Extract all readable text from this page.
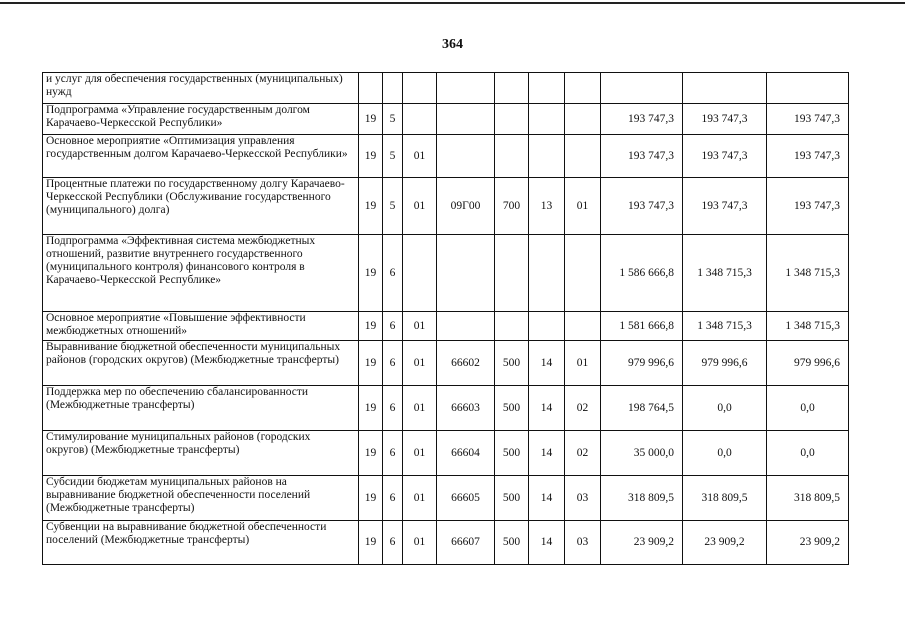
364
и услуг для обеспечения государственных (муниципальных) нужд										
Подпрограмма «Управление государственным долгом Карачаево-Черкесской Республики»	19	5						193 747,3	193 747,3	193 747,3
Основное мероприятие «Оптимизация управления государственным долгом Карачаево-Черкесской Республики»	19	5	01					193 747,3	193 747,3	193 747,3
Процентные платежи по государственному долгу Карачаево-Черкесской Республики (Обслуживание государственного (муниципального) долга)	19	5	01	09Г00	700	13	01	193 747,3	193 747,3	193 747,3
Подпрограмма «Эффективная система межбюджетных отношений, развитие внутреннего государственного (муниципального контроля) финансового контроля в Карачаево-Черкесской Республике»	19	6						1 586 666,8	1 348 715,3	1 348 715,3
Основное мероприятие «Повышение эффективности межбюджетных отношений»	19	6	01					1 581 666,8	1 348 715,3	1 348 715,3
Выравнивание бюджетной обеспеченности муниципальных районов (городских округов) (Межбюджетные трансферты)	19	6	01	66602	500	14	01	979 996,6	979 996,6	979 996,6
Поддержка мер по обеспечению сбалансированности (Межбюджетные трансферты)	19	6	01	66603	500	14	02	198 764,5	0,0	0,0
Стимулирование муниципальных районов (городских округов) (Межбюджетные трансферты)	19	6	01	66604	500	14	02	35 000,0	0,0	0,0
Субсидии бюджетам муниципальных районов на выравнивание бюджетной обеспеченности поселений (Межбюджетные трансферты)	19	6	01	66605	500	14	03	318 809,5	318 809,5	318 809,5
Субвенции на выравнивание бюджетной обеспеченности поселений (Межбюджетные трансферты)	19	6	01	66607	500	14	03	23 909,2	23 909,2	23 909,2
